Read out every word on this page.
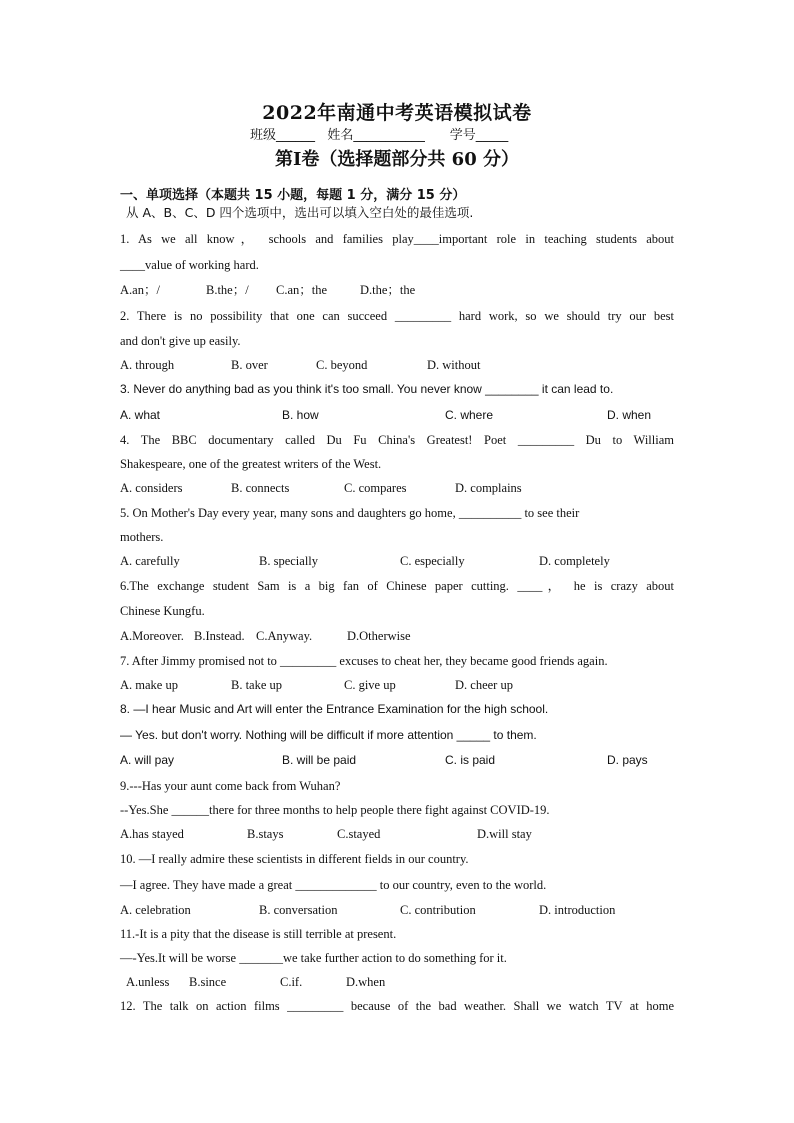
2022年南通中考英语模拟试卷
班级______   姓名___________      学号_____
第Ⅰ卷（选择题部分共 60 分）
一、单项选择（本题共 15 小题，每题 1 分，满分 15 分）
从 A、B、C、D 四个选项中，选出可以填入空白处的最佳选项.
1. As we all know， schools and families play____important role in teaching students about
____value of working hard.
A.an；/	B.the；/ C.an；the	D.the；the
2. There is no possibility that one can succeed _________ hard work, so we should try our best
and don't give up easily.
A. through	B. over	C. beyond	D. without
3. Never do anything bad as you think it's too small. You never know ________ it can lead to.
A. what	B. how	C. where	D. when
4. The BBC documentary called Du Fu China's Greatest! Poet _________ Du to William
Shakespeare, one of the greatest writers of the West.
A. considers	B. connects	C. compares	D. complains
5. On Mother's Day every year, many sons and daughters go home, __________ to see their
mothers.
A. carefully	B. specially	C. especially	D. completely
6.The exchange student Sam is a big fan of Chinese paper cutting. ____， he is crazy about
Chinese Kungfu.
A.Moreover. B.Instead. C.Anyway.	D.Otherwise
7. After Jimmy promised not to _________ excuses to cheat her, they became good friends again.
A. make up	B. take up	C. give up	D. cheer up
8. —I hear Music and Art will enter the Entrance Examination for the high school.
— Yes. but don't worry. Nothing will be difficult if more attention _____ to them.
A. will pay	B. will be paid	C. is paid	D. pays
9.---Has your aunt come back from Wuhan?
--Yes.She ______there for three months to help people there fight against COVID-19.
A.has stayed	B.stays	C.stayed	D.will stay
10. —I really admire these scientists in different fields in our country.
—I agree. They have made a great _____________ to our country, even to the world.
A. celebration	B. conversation	C. contribution	D. introduction
11.-It is a pity that the disease is still terrible at present.
—-Yes.It will be worse _______we take further action to do something for it.
A.unless B.since	C.if.	D.when
12. The talk on action films _________ because of the bad weather. Shall we watch TV at home
